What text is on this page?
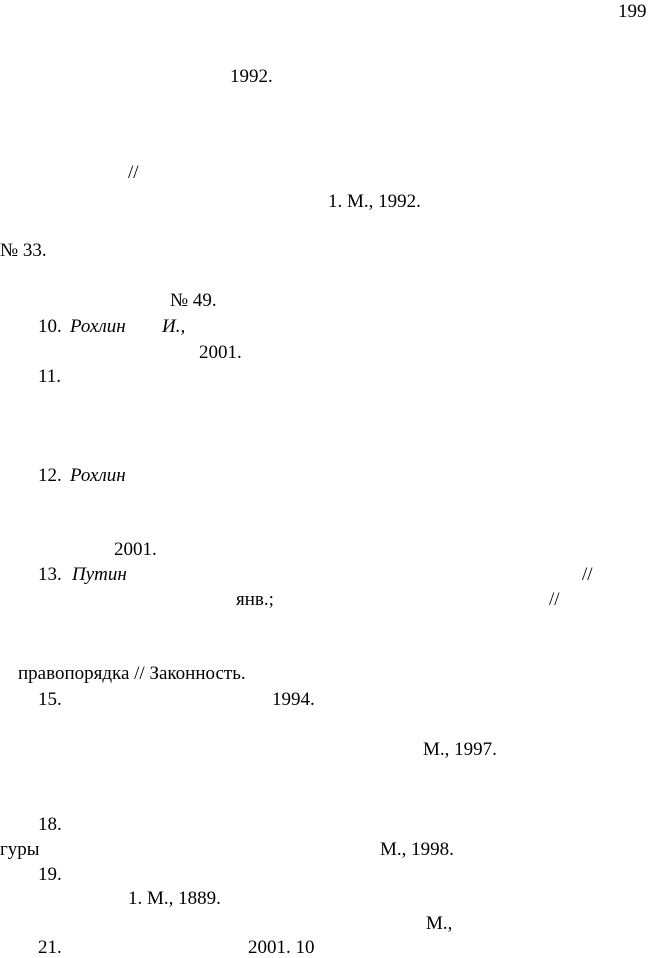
199
1992.
//
1. М., 1992.
№ 33.
№ 49.
10. Рохлин И.,
2001.
11.
12. Рохлин
2001.
13. Путин	//
янв.;	//
правопорядка // Законность.
15.	1994.
М., 1997.
18.
гуры	М., 1998.
19.
1. М., 1889.
М.,
21.	2001. 10
